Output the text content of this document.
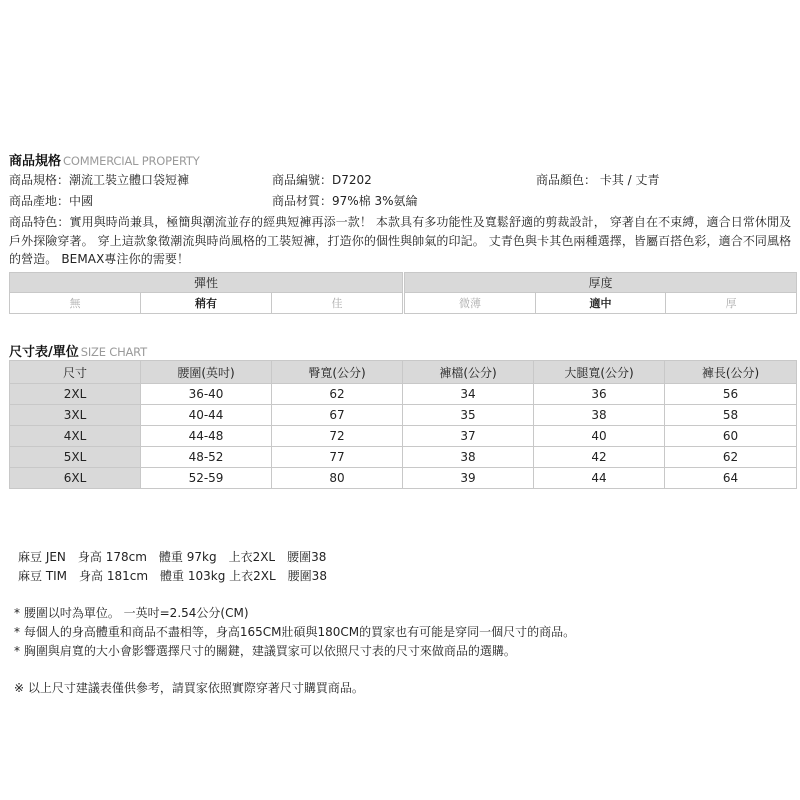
商品規格 COMMERCIAL PROPERTY
商品規格：潮流工裝立體口袋短褲	商品編號：D7202	商品顏色： 卡其 / 丈青
商品產地：中國	商品材質：97%棉 3%氨綸
商品特色：實用與時尚兼具，極簡與潮流並存的經典短褲再添一款！ 本款具有多功能性及寬鬆舒適的剪裁設計， 穿著自在不束縛，適合日常休閒及戶外探險穿著。 穿上這款象徵潮流與時尚風格的工裝短褲，打造你的個性與帥氣的印記。 丈青色與卡其色兩種選擇，皆屬百搭色彩，適合不同風格的營造。 BEMAX專注你的需要！
彈性				厚度		
無	稍有	佳		微薄	適中	厚
尺寸表/單位 SIZE CHART
尺寸	腰圍(英吋)	臀寬(公分)	褲檔(公分)	大腿寬(公分)	褲長(公分)
2XL	36-40	62	34	36	56
3XL	40-44	67	35	38	58
4XL	44-48	72	37	40	60
5XL	48-52	77	38	42	62
6XL	52-59	80	39	44	64
麻豆 JEN　身高 178cm　體重 97kg　上衣2XL　腰圍38
麻豆 TIM　身高 181cm　體重 103kg 上衣2XL　腰圍38
* 腰圍以吋為單位。 一英吋=2.54公分(CM)
* 每個人的身高體重和商品不盡相等，身高165CM壯碩與180CM的買家也有可能是穿同一個尺寸的商品。
* 胸圍與肩寬的大小會影響選擇尺寸的關鍵，建議買家可以依照尺寸表的尺寸來做商品的選購。
※ 以上尺寸建議表僅供參考，請買家依照實際穿著尺寸購買商品。
